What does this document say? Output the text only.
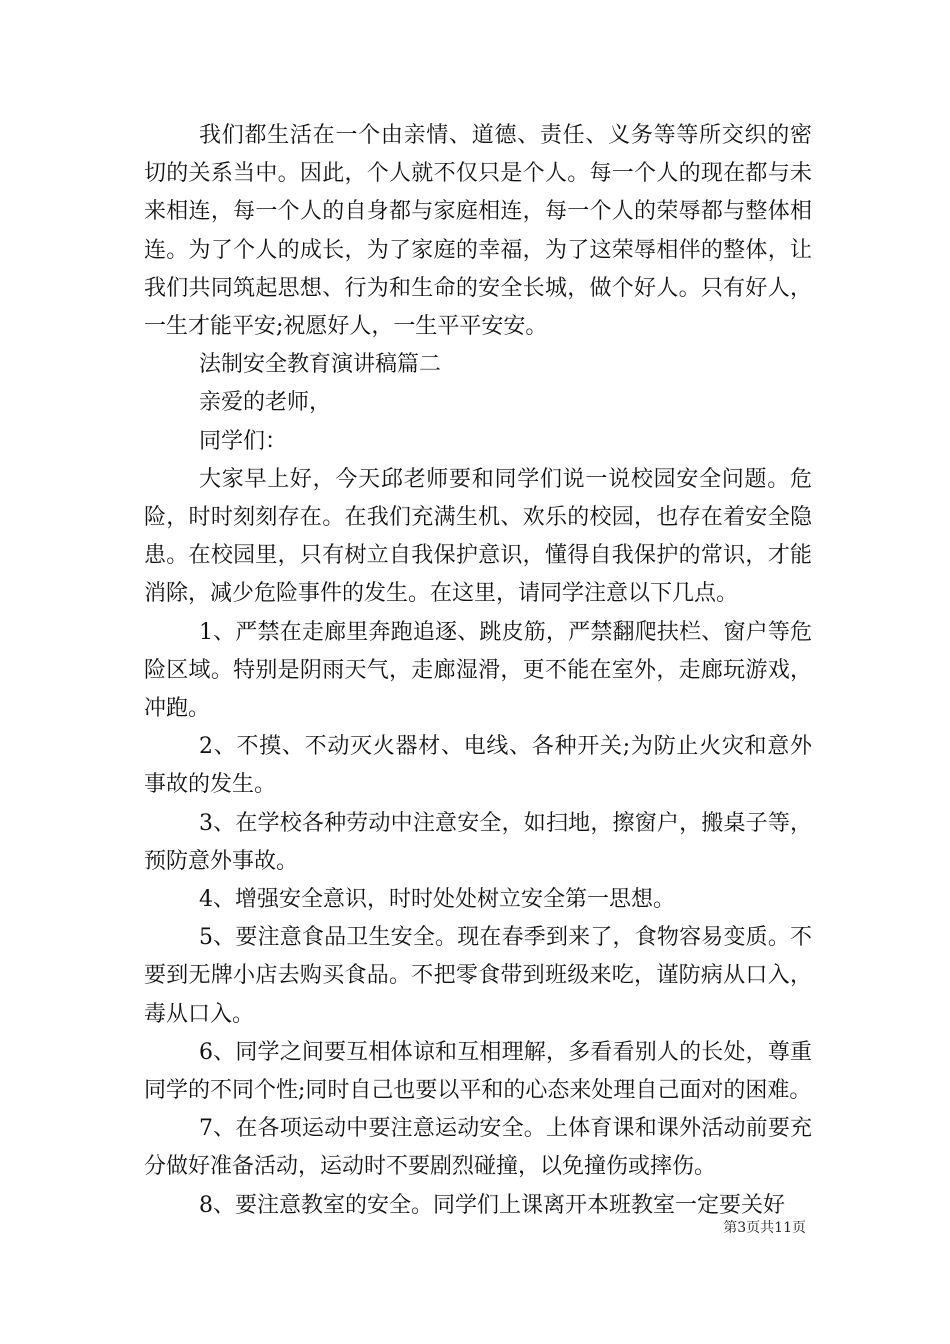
我们都生活在一个由亲情、道德、责任、义务等等所交织的密切的关系当中。因此，个人就不仅只是个人。每一个人的现在都与未来相连，每一个人的自身都与家庭相连，每一个人的荣辱都与整体相连。为了个人的成长，为了家庭的幸福，为了这荣辱相伴的整体，让我们共同筑起思想、行为和生命的安全长城，做个好人。只有好人，一生才能平安;祝愿好人，一生平平安安。

法制安全教育演讲稿篇二

亲爱的老师，

同学们：

大家早上好，今天邱老师要和同学们说一说校园安全问题。危险，时时刻刻存在。在我们充满生机、欢乐的校园，也存在着安全隐患。在校园里，只有树立自我保护意识，懂得自我保护的常识，才能消除，减少危险事件的发生。在这里，请同学注意以下几点。

1、严禁在走廊里奔跑追逐、跳皮筋，严禁翻爬扶栏、窗户等危险区域。特别是阴雨天气，走廊湿滑，更不能在室外，走廊玩游戏，冲跑。

2、不摸、不动灭火器材、电线、各种开关;为防止火灾和意外事故的发生。

3、在学校各种劳动中注意安全，如扫地，擦窗户，搬桌子等，预防意外事故。

4、增强安全意识，时时处处树立安全第一思想。

5、要注意食品卫生安全。现在春季到来了，食物容易变质。不要到无牌小店去购买食品。不把零食带到班级来吃，谨防病从口入，毒从口入。

6、同学之间要互相体谅和互相理解，多看看别人的长处，尊重同学的不同个性;同时自己也要以平和的心态来处理自己面对的困难。

7、在各项运动中要注意运动安全。上体育课和课外活动前要充分做好准备活动，运动时不要剧烈碰撞，以免撞伤或摔伤。

8、要注意教室的安全。同学们上课离开本班教室一定要关好

第3页共11页
